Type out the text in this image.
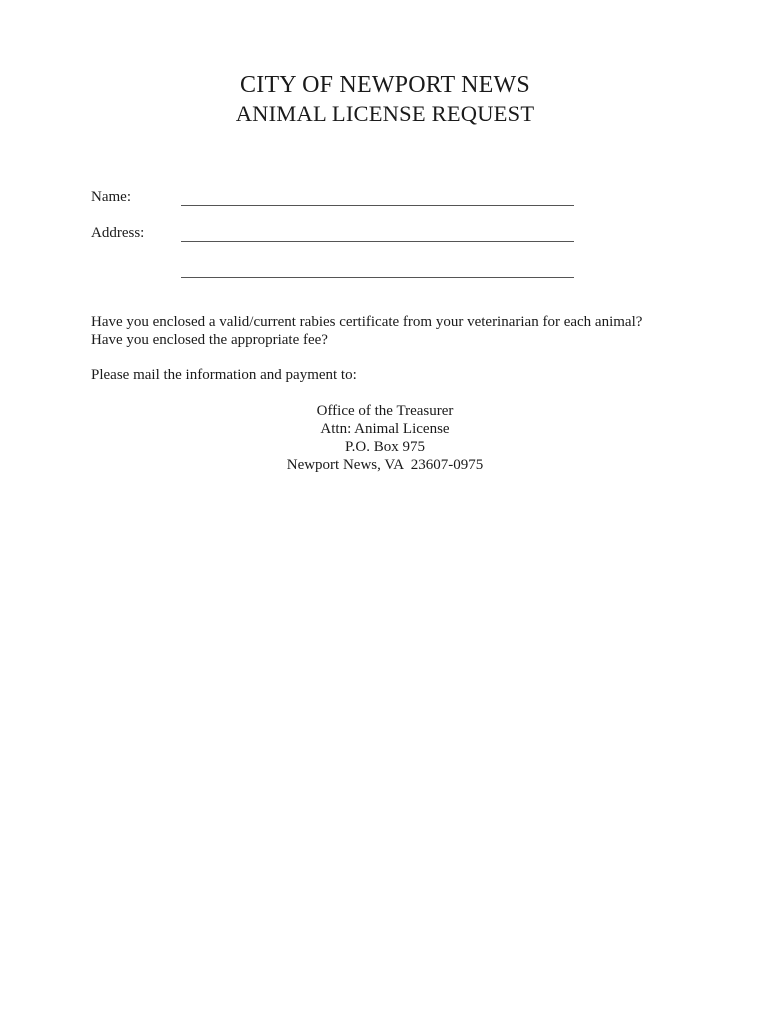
CITY OF NEWPORT NEWS
ANIMAL LICENSE REQUEST
Name:
Address:
Have you enclosed a valid/current rabies certificate from your veterinarian for each animal?
Have you enclosed the appropriate fee?
Please mail the information and payment to:
Office of the Treasurer
Attn: Animal License
P.O. Box 975
Newport News, VA  23607-0975
